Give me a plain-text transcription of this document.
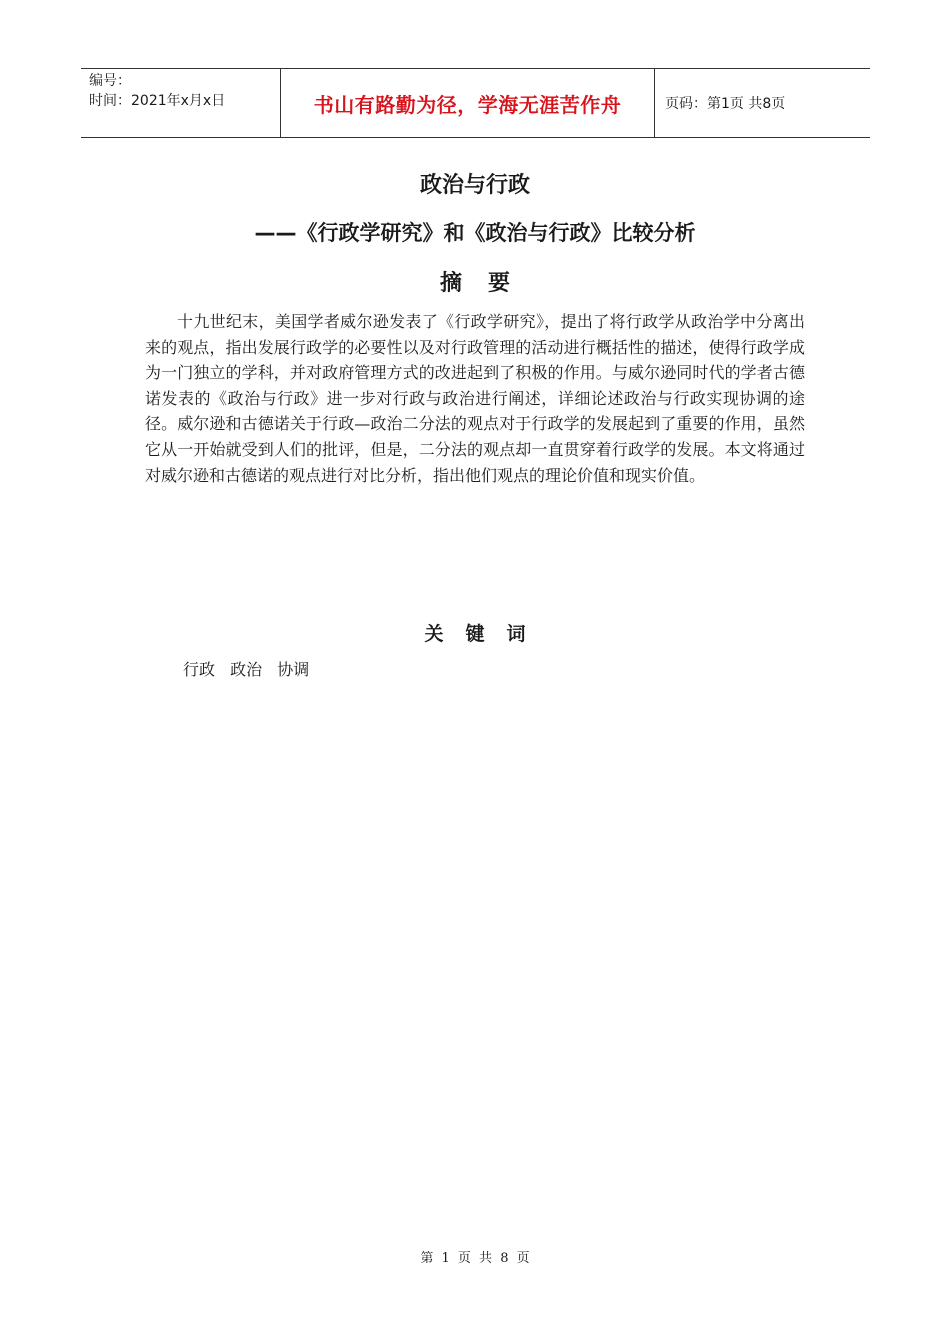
编号：
时间：2021年x月x日	书山有路勤为径，学海无涯苦作舟	页码：第1页 共8页
政治与行政
——《行政学研究》和《政治与行政》比较分析
摘要
十九世纪末，美国学者威尔逊发表了《行政学研究》，提出了将行政学从政治学中分离出来的观点，指出发展行政学的必要性以及对行政管理的活动进行概括性的描述，使得行政学成为一门独立的学科，并对政府管理方式的改进起到了积极的作用。与威尔逊同时代的学者古德诺发表的《政治与行政》进一步对行政与政治进行阐述，详细论述政治与行政实现协调的途径。威尔逊和古德诺关于行政—政治二分法的观点对于行政学的发展起到了重要的作用，虽然它从一开始就受到人们的批评，但是，二分法的观点却一直贯穿着行政学的发展。本文将通过对威尔逊和古德诺的观点进行对比分析，指出他们观点的理论价值和现实价值。
关键词
行政 政治 协调
第 1 页 共 8 页
